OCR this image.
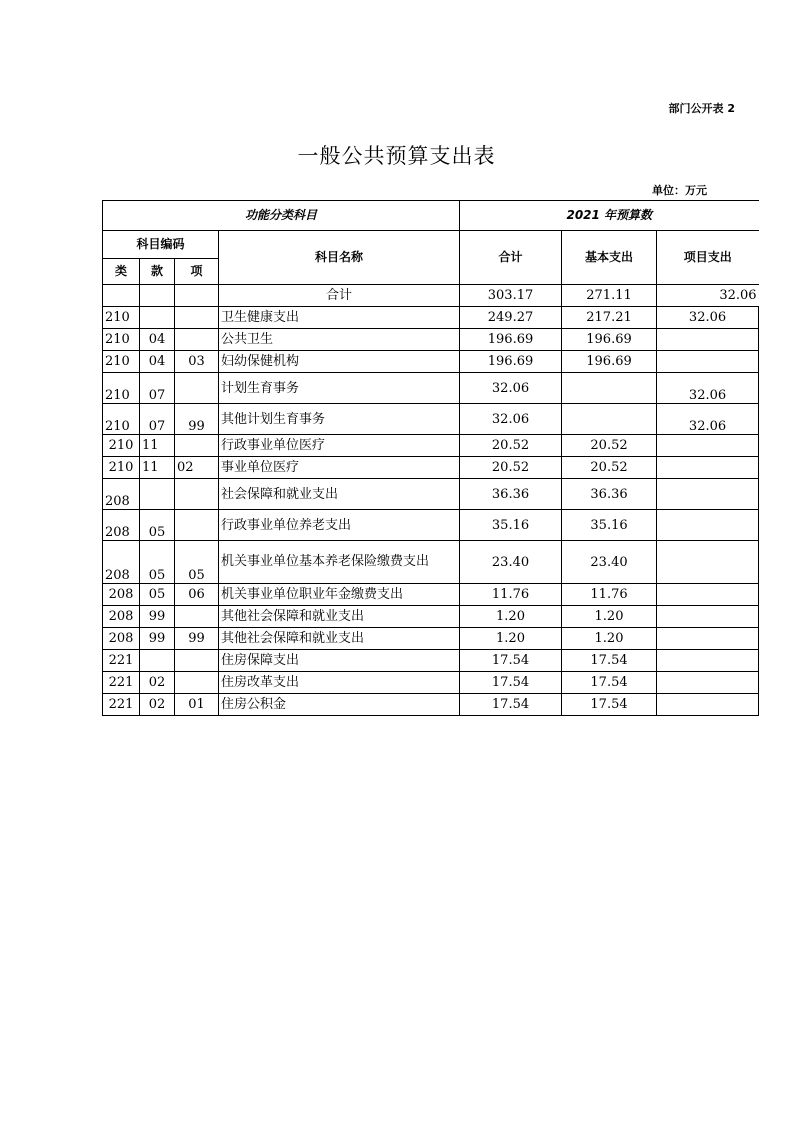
部门公开表 2
一般公共预算支出表
单位：万元
功能分类科目				2021 年预算数		
科目编码			科目名称	合计	基本支出	项目支出
类	款	项				
			合计	303.17	271.11	32.06
210			卫生健康支出	249.27	217.21	32.06
210	04		公共卫生	196.69	196.69	
210	04	03	妇幼保健机构	196.69	196.69	
210	07		计划生育事务	32.06		32.06
210	07	99	其他计划生育事务	32.06		32.06
210	11		行政事业单位医疗	20.52	20.52	
210	11	02	事业单位医疗	20.52	20.52	
208			社会保障和就业支出	36.36	36.36	
208	05		行政事业单位养老支出	35.16	35.16	
208	05	05	机关事业单位基本养老保险缴费支出	23.40	23.40	
208	05	06	机关事业单位职业年金缴费支出	11.76	11.76	
208	99		其他社会保障和就业支出	1.20	1.20	
208	99	99	其他社会保障和就业支出	1.20	1.20	
221			住房保障支出	17.54	17.54	
221	02		住房改革支出	17.54	17.54	
221	02	01	住房公积金	17.54	17.54	
